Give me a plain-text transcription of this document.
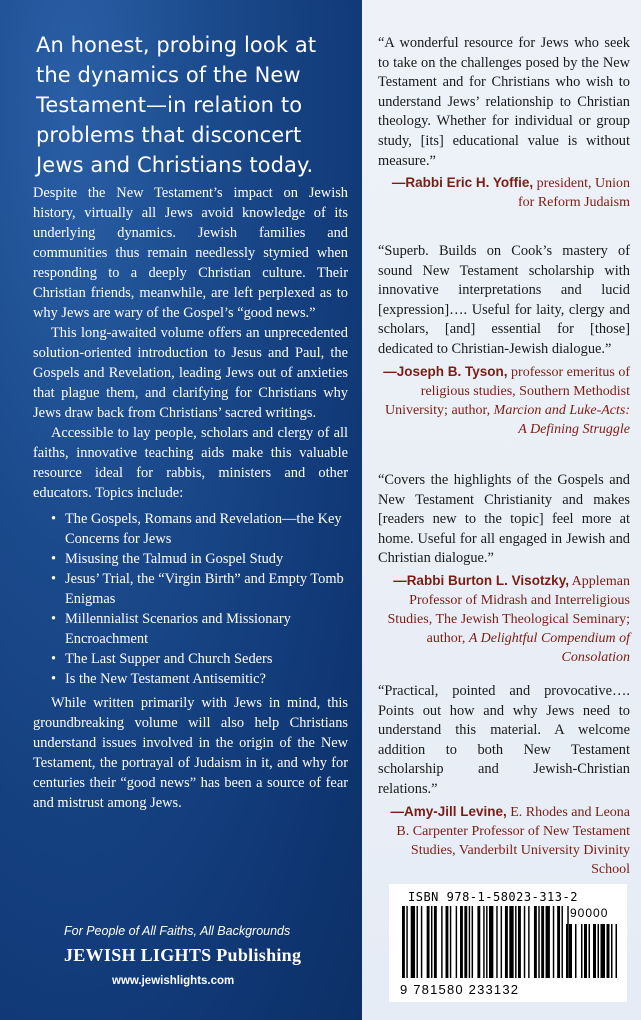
An honest, probing look at the dynamics of the New Testament—in relation to problems that disconcert Jews and Christians today.

Despite the New Testament’s impact on Jewish history, virtually all Jews avoid knowledge of its underlying dynamics. Jewish families and communities thus remain needlessly stymied when responding to a deeply Christian culture. Their Christian friends, meanwhile, are left perplexed as to why Jews are wary of the Gospel’s “good news.”

This long-awaited volume offers an unprecedented solution-oriented introduction to Jesus and Paul, the Gospels and Revelation, leading Jews out of anxieties that plague them, and clarifying for Christians why Jews draw back from Christians’ sacred writings.

Accessible to lay people, scholars and clergy of all faiths, innovative teaching aids make this valuable resource ideal for rabbis, ministers and other educators. Topics include:

• The Gospels, Romans and Revelation—the Key Concerns for Jews
• Misusing the Talmud in Gospel Study
• Jesus’ Trial, the “Virgin Birth” and Empty Tomb Enigmas
• Millennialist Scenarios and Missionary Encroachment
• The Last Supper and Church Seders
• Is the New Testament Antisemitic?

While written primarily with Jews in mind, this groundbreaking volume will also help Christians understand issues involved in the origin of the New Testament, the portrayal of Judaism in it, and why for centuries their “good news” has been a source of fear and mistrust among Jews.

For People of All Faiths, All Backgrounds
JEWISH LIGHTS Publishing
www.jewishlights.com

“A wonderful resource for Jews who seek to take on the challenges posed by the New Testament and for Christians who wish to understand Jews’ relationship to Christian theology. Whether for individual or group study, [its] educational value is without measure.”

—Rabbi Eric H. Yoffie, president, Union for Reform Judaism

“Superb. Builds on Cook’s mastery of sound New Testament scholarship with innovative interpretations and lucid [expression]…. Useful for laity, clergy and scholars, [and] essential for [those] dedicated to Christian-Jewish dialogue.”

—Joseph B. Tyson, professor emeritus of religious studies, Southern Methodist University; author, Marcion and Luke-Acts: A Defining Struggle

“Covers the highlights of the Gospels and New Testament Christianity and makes [readers new to the topic] feel more at home. Useful for all engaged in Jewish and Christian dialogue.”

—Rabbi Burton L. Visotzky, Appleman Professor of Midrash and Interreligious Studies, The Jewish Theological Seminary; author, A Delightful Compendium of Consolation

“Practical, pointed and provocative…. Points out how and why Jews need to understand this material. A welcome addition to both New Testament scholarship and Jewish-Christian relations.”

—Amy-Jill Levine, E. Rhodes and Leona B. Carpenter Professor of New Testament Studies, Vanderbilt University Divinity School

ISBN 978-1-58023-313-2
90000
9 781580 233132
